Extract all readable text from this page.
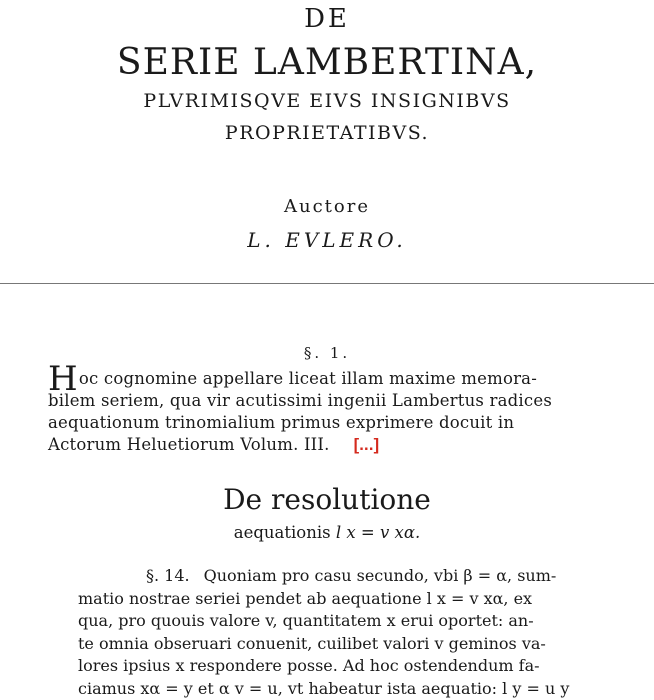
DE
SERIE LAMBERTINA,
PLVRIMISQVE EIVS INSIGNIBVS
PROPRIETATIBVS.
Auctore
L. EVLERO.
§. 1.
Hoc cognomine appellare liceat illam maxime memora-
bilem seriem, qua vir acutissimi ingenii Lambertus radices
aequationum trinomialium primus exprimere docuit in
Actorum Heluetiorum Volum. III. [...]
De resolutione
aequationis l x = v xα.
§. 14. Quoniam pro casu secundo, vbi β = α, sum-
matio nostrae seriei pendet ab aequatione l x = v xα, ex
qua, pro quouis valore v, quantitatem x erui oportet: an-
te omnia obseruari conuenit, cuilibet valori v geminos va-
lores ipsius x respondere posse. Ad hoc ostendendum fa-
ciamus xα = y et α v = u, vt habeatur ista aequatio: l y = u y
